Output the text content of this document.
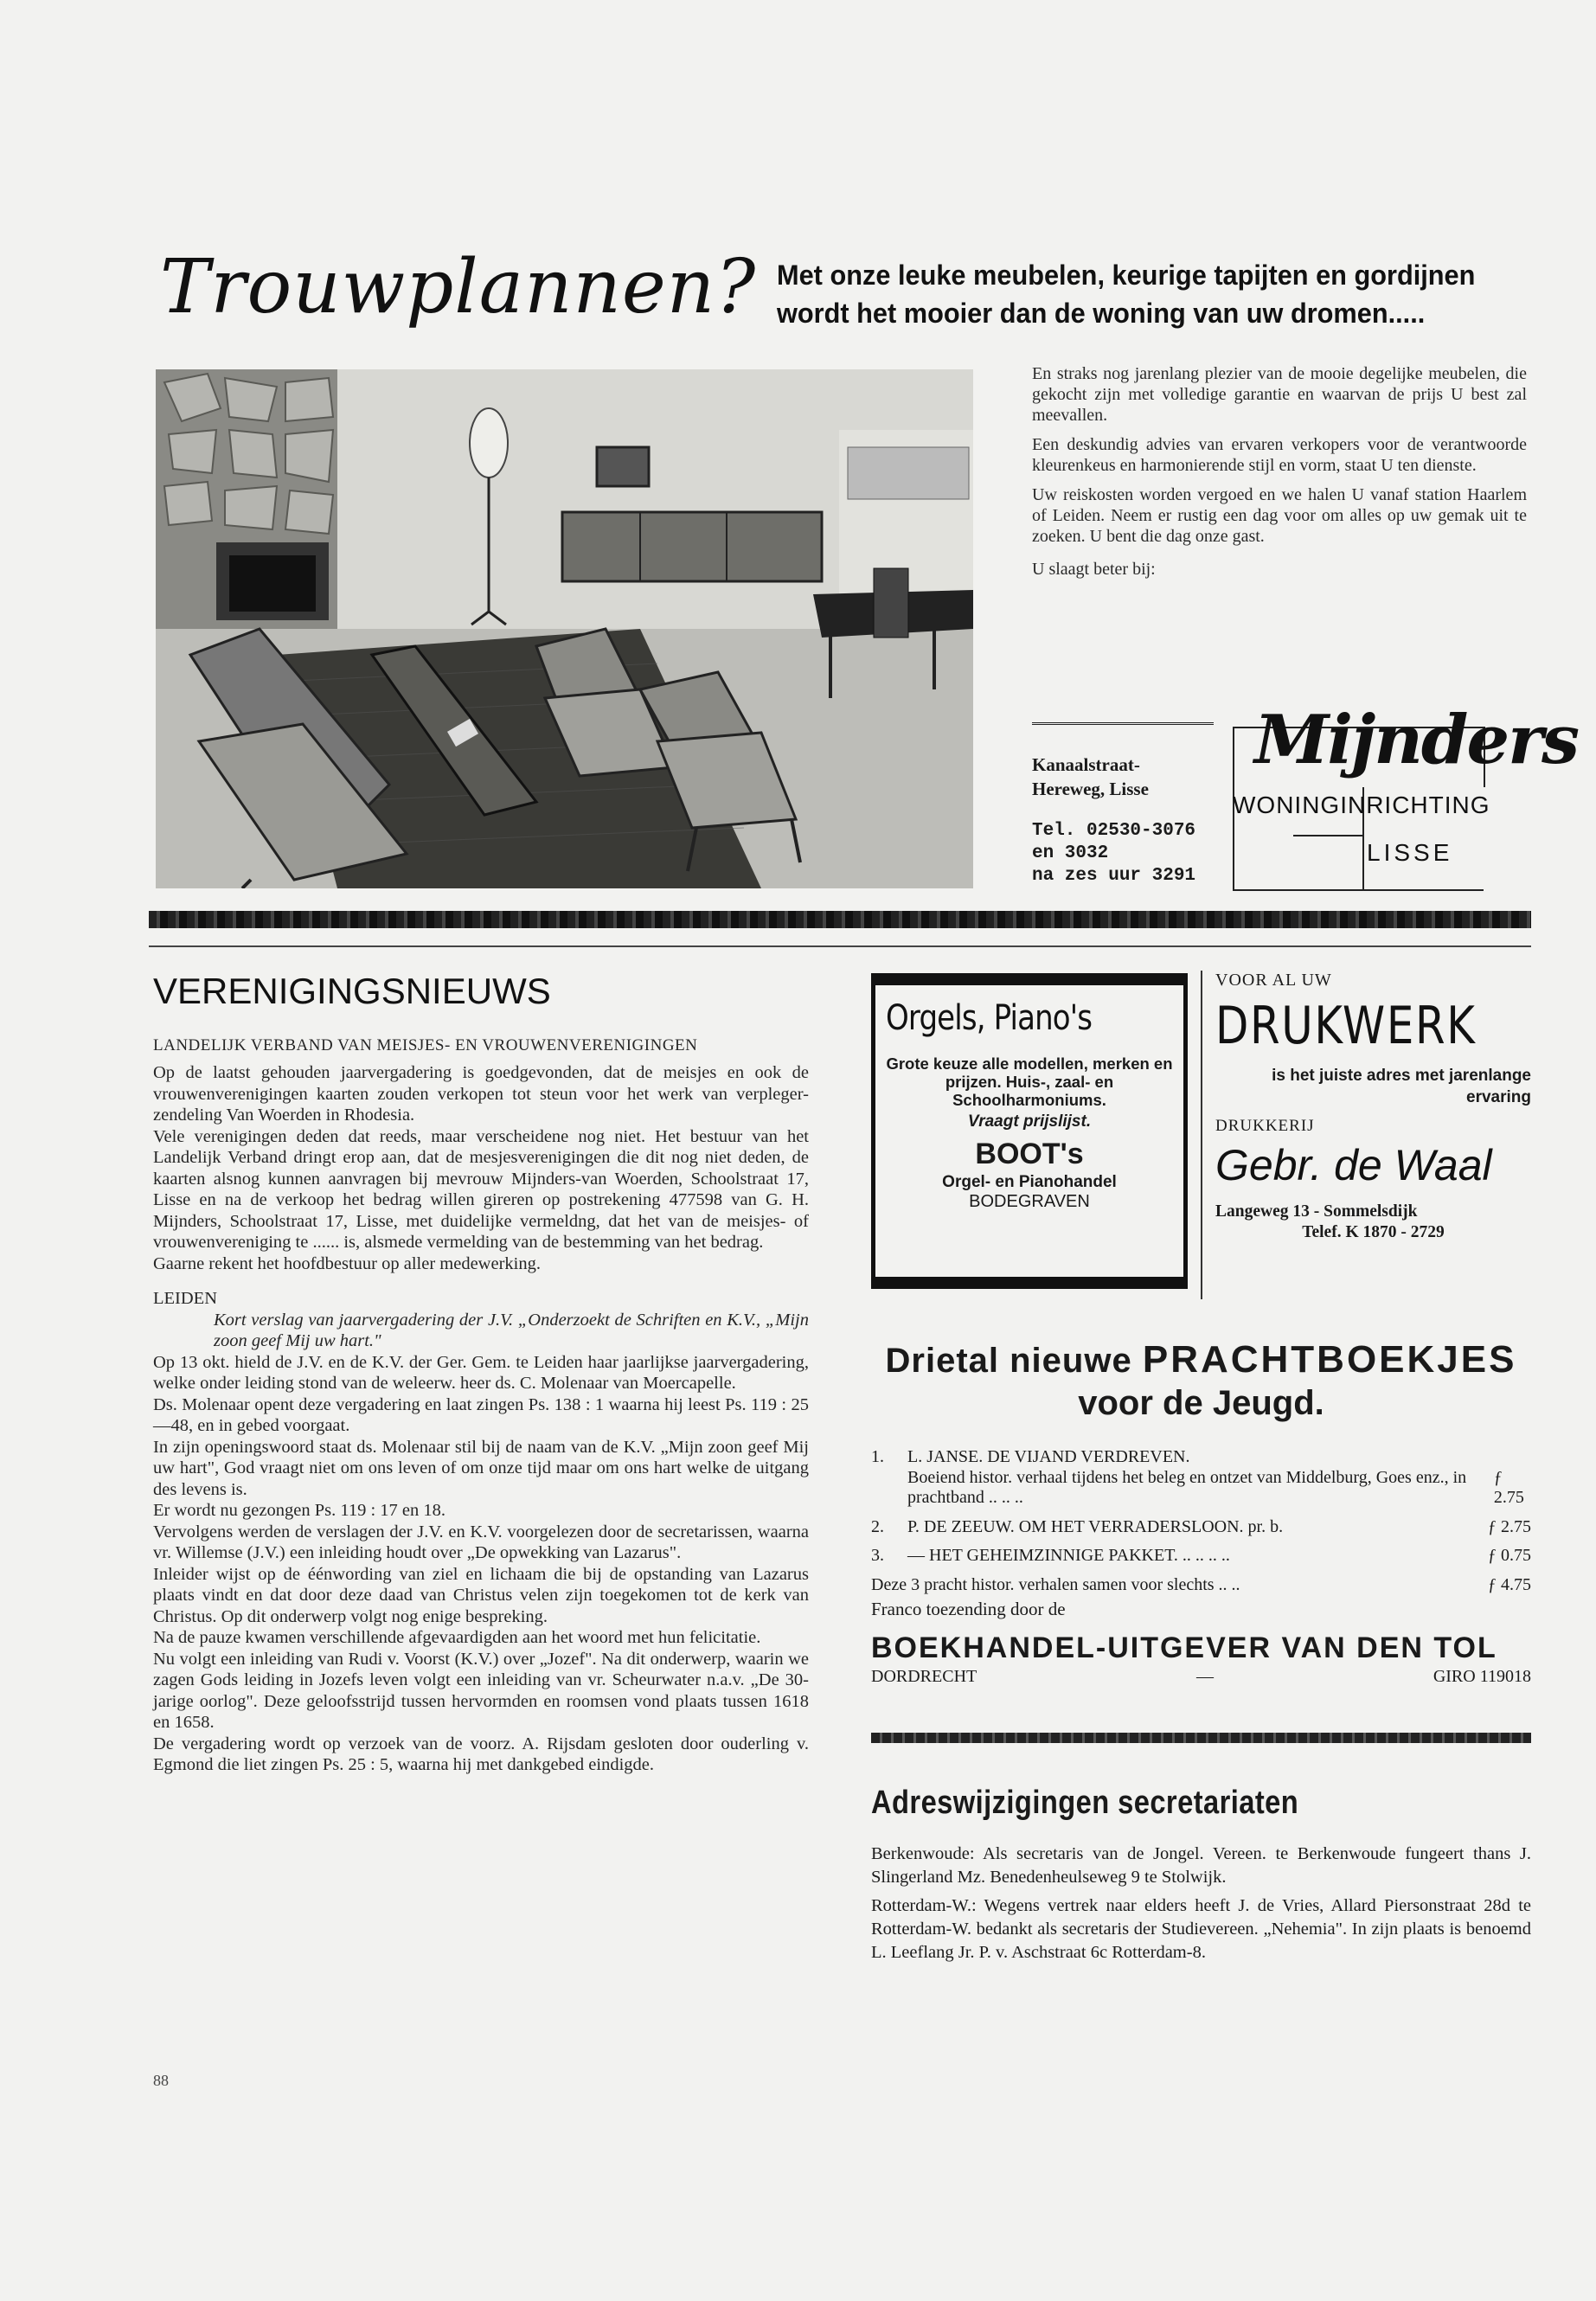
Trouwplannen? Met onze leuke meubelen, keurige tapijten en gordijnen wordt het mooier dan de woning van uw dromen.....

En straks nog jarenlang plezier van de mooie degelijke meubelen, die gekocht zijn met volledige garantie en waarvan de prijs U best zal meevallen.

Een deskundig advies van ervaren verkopers voor de verantwoorde kleurenkeus en harmonierende stijl en vorm, staat U ten dienste.

Uw reiskosten worden vergoed en we halen U vanaf station Haarlem of Leiden. Neem er rustig een dag voor om alles op uw gemak uit te zoeken. U bent die dag onze gast.

U slaagt beter bij:

Kanaalstraat-
Hereweg, Lisse
Tel. 02530-3076
en 3032
na zes uur 3291
Mijnders
WONINGINRICHTING
LISSE
VERENIGINGSNIEUWS
LANDELIJK VERBAND VAN MEISJES- EN VROUWENVERENIGINGEN

Op de laatst gehouden jaarvergadering is goedgevonden, dat de meisjes en ook de vrouwenverenigingen kaarten zouden verkopen tot steun voor het werk van verpleger-zendeling Van Woerden in Rhodesia.

Vele verenigingen deden dat reeds, maar verscheidene nog niet. Het bestuur van het Landelijk Verband dringt erop aan, dat de mesjesverenigingen die dit nog niet deden, de kaarten alsnog kunnen aanvragen bij mevrouw Mijnders-van Woerden, Schoolstraat 17, Lisse en na de verkoop het bedrag willen gireren op postrekening 477598 van G. H. Mijnders, Schoolstraat 17, Lisse, met duidelijke vermeldng, dat het van de meisjes- of vrouwenvereniging te ...... is, alsmede vermelding van de bestemming van het bedrag.

Gaarne rekent het hoofdbestuur op aller medewerking.

LEIDEN

Kort verslag van jaarvergadering der J.V. „Onderzoekt de Schriften en K.V., „Mijn zoon geef Mij uw hart."

Op 13 okt. hield de J.V. en de K.V. der Ger. Gem. te Leiden haar jaarlijkse jaarvergadering, welke onder leiding stond van de weleerw. heer ds. C. Molenaar van Moercapelle.

Ds. Molenaar opent deze vergadering en laat zingen Ps. 138 : 1 waarna hij leest Ps. 119 : 25—48, en in gebed voorgaat.

In zijn openingswoord staat ds. Molenaar stil bij de naam van de K.V. „Mijn zoon geef Mij uw hart", God vraagt niet om ons leven of om onze tijd maar om ons hart welke de uitgang des levens is.

Er wordt nu gezongen Ps. 119 : 17 en 18.

Vervolgens werden de verslagen der J.V. en K.V. voorgelezen door de secretarissen, waarna vr. Willemse (J.V.) een inleiding houdt over „De opwekking van Lazarus".

Inleider wijst op de éénwording van ziel en lichaam die bij de opstanding van Lazarus plaats vindt en dat door deze daad van Christus velen zijn toegekomen tot de kerk van Christus. Op dit onderwerp volgt nog enige bespreking.

Na de pauze kwamen verschillende afgevaardigden aan het woord met hun felicitatie.

Nu volgt een inleiding van Rudi v. Voorst (K.V.) over „Jozef". Na dit onderwerp, waarin we zagen Gods leiding in Jozefs leven volgt een inleiding van vr. Scheurwater n.a.v. „De 30-jarige oorlog". Deze geloofsstrijd tussen hervormden en roomsen vond plaats tussen 1618 en 1658.

De vergadering wordt op verzoek van de voorz. A. Rijsdam gesloten door ouderling v. Egmond die liet zingen Ps. 25 : 5, waarna hij met dankgebed eindigde.

Orgels, Piano's
Grote keuze alle modellen, merken en prijzen. Huis-, zaal- en Schoolharmoniums.
Vraagt prijslijst.
BOOT's
Orgel- en Pianohandel
BODEGRAVEN
VOOR AL UW
DRUKWERK
is het juiste adres met jarenlange ervaring
DRUKKERIJ
Gebr. de Waal
Langeweg 13 - Sommelsdijk
Telef. K 1870 - 2729
Drietal nieuwe PRACHTBOEKJES
voor de Jeugd.
1.	L. JANSE. DE VIJAND VERDREVEN.
Boeiend histor. verhaal tijdens het beleg en ontzet van Middelburg, Goes enz., in prachtband .. .. ..
ƒ 2.75
2.	P. DE ZEEUW. OM HET VERRADERSLOON. pr. b.	ƒ 2.75
3.	— HET GEHEIMZINNIGE PAKKET. .. .. .. ..	ƒ 0.75
Deze 3 pracht histor. verhalen samen voor slechts .. ..	ƒ 4.75
Franco toezending door de
BOEKHANDEL-UITGEVER VAN DEN TOL
DORDRECHT	—	GIRO 119018
Adreswijzigingen secretariaten

Berkenwoude: Als secretaris van de Jongel. Vereen. te Berkenwoude fungeert thans J. Slingerland Mz. Benedenheulseweg 9 te Stolwijk.

Rotterdam-W.: Wegens vertrek naar elders heeft J. de Vries, Allard Piersonstraat 28d te Rotterdam-W. bedankt als secretaris der Studievereen. „Nehemia". In zijn plaats is benoemd L. Leeflang Jr. P. v. Aschstraat 6c Rotterdam-8.

88
